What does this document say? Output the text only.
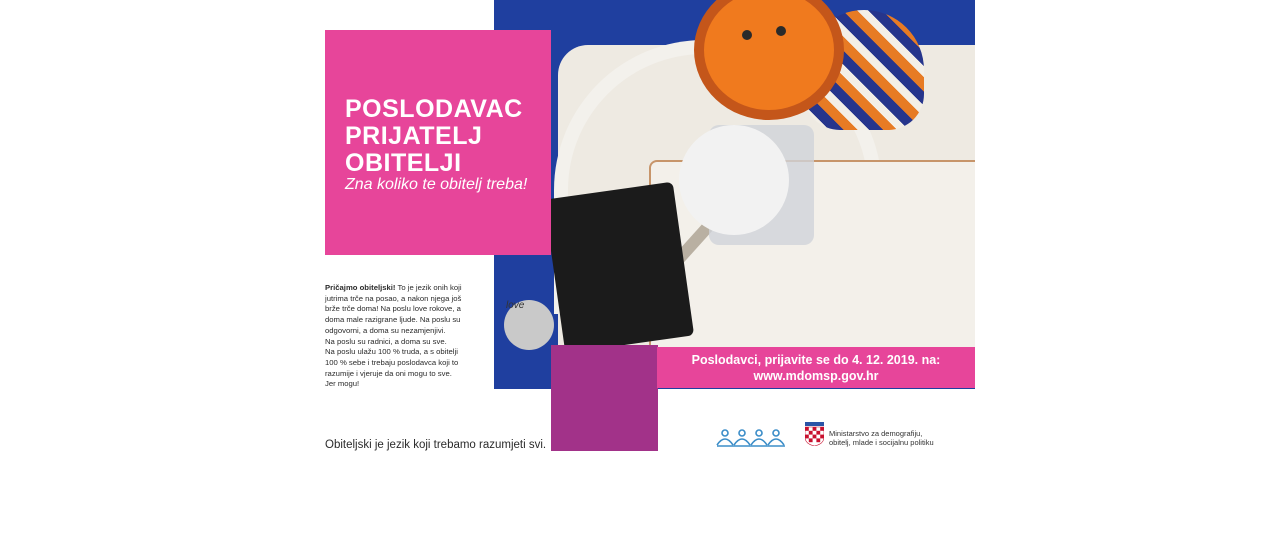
love
POSLODAVAC
PRIJATELJ
OBITELJI
Zna koliko te obitelj treba!
Poslodavci, prijavite se do 4. 12. 2019. na:
www.mdomsp.gov.hr
Pričajmo obiteljski! To je jezik onih koji
jutrima trče na posao, a nakon njega još
brže trče doma! Na poslu love rokove, a
doma male razigrane ljude. Na poslu su
odgovorni, a doma su nezamjenjivi.
Na poslu su radnici, a doma su sve.
Na poslu ulažu 100 % truda, a s obitelji
100 % sebe i trebaju poslodavca koji to
razumije i vjeruje da oni mogu to sve.
Jer mogu!
Obiteljski je jezik koji trebamo razumjeti svi.
Ministarstvo za demografiju,
obitelj, mlade i socijalnu politiku
